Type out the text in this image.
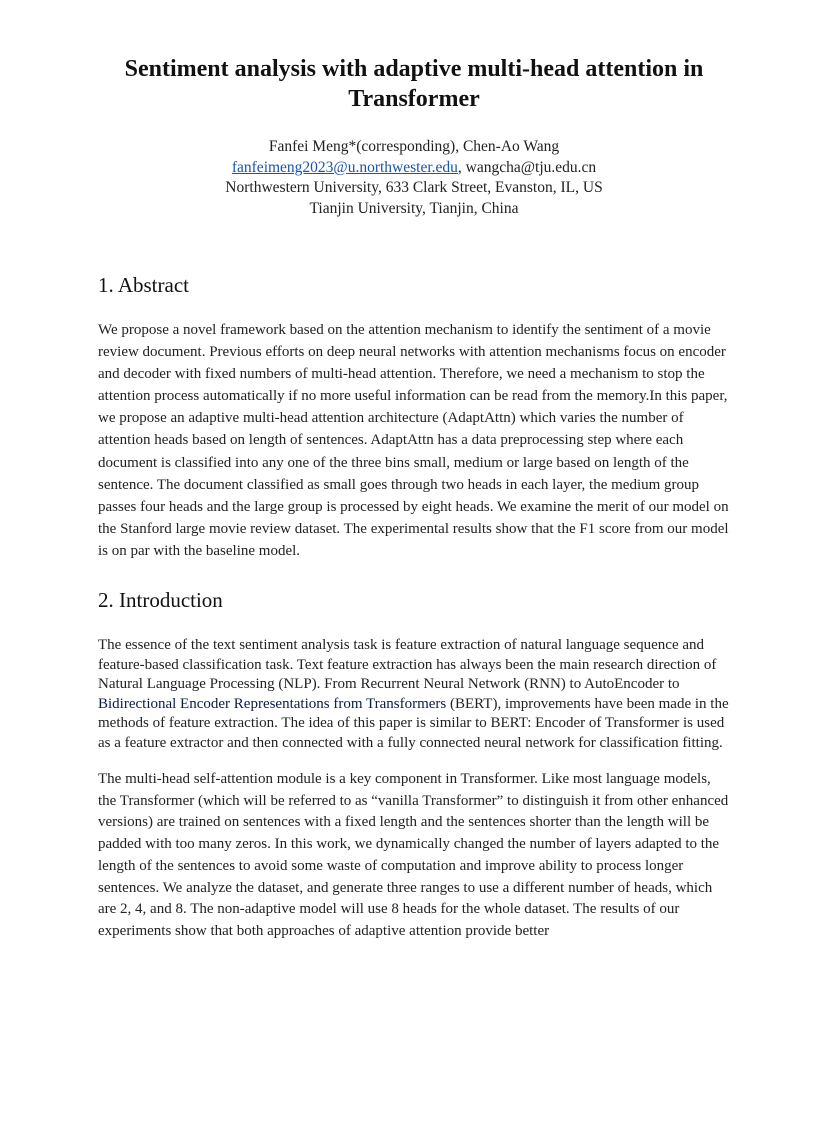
Sentiment analysis with adaptive multi-head attention in Transformer
Fanfei Meng*(corresponding), Chen-Ao Wang
fanfeimeng2023@u.northwester.edu, wangcha@tju.edu.cn
Northwestern University, 633 Clark Street, Evanston, IL, US
Tianjin University, Tianjin, China
1. Abstract

We propose a novel framework based on the attention mechanism to identify the sentiment of a movie review document. Previous efforts on deep neural networks with attention mechanisms focus on encoder and decoder with fixed numbers of multi-head attention. Therefore, we need a mechanism to stop the attention process automatically if no more useful information can be read from the memory.In this paper, we propose an adaptive multi-head attention architecture (AdaptAttn) which varies the number of attention heads based on length of sentences. AdaptAttn has a data preprocessing step where each document is classified into any one of the three bins small, medium or large based on length of the sentence. The document classified as small goes through two heads in each layer, the medium group passes four heads and the large group is processed by eight heads. We examine the merit of our model on the Stanford large movie review dataset. The experimental results show that the F1 score from our model is on par with the baseline model.

2. Introduction

The essence of the text sentiment analysis task is feature extraction of natural language sequence and feature-based classification task. Text feature extraction has always been the main research direction of Natural Language Processing (NLP). From Recurrent Neural Network (RNN) to AutoEncoder to Bidirectional Encoder Representations from Transformers (BERT), improvements have been made in the methods of feature extraction. The idea of this paper is similar to BERT: Encoder of Transformer is used as a feature extractor and then connected with a fully connected neural network for classification fitting.

The multi-head self-attention module is a key component in Transformer. Like most language models, the Transformer (which will be referred to as “vanilla Transformer” to distinguish it from other enhanced versions) are trained on sentences with a fixed length and the sentences shorter than the length will be padded with too many zeros. In this work, we dynamically changed the number of layers adapted to the length of the sentences to avoid some waste of computation and improve ability to process longer sentences. We analyze the dataset, and generate three ranges to use a different number of heads, which are 2, 4, and 8. The non-adaptive model will use 8 heads for the whole dataset. The results of our experiments show that both approaches of adaptive attention provide better
